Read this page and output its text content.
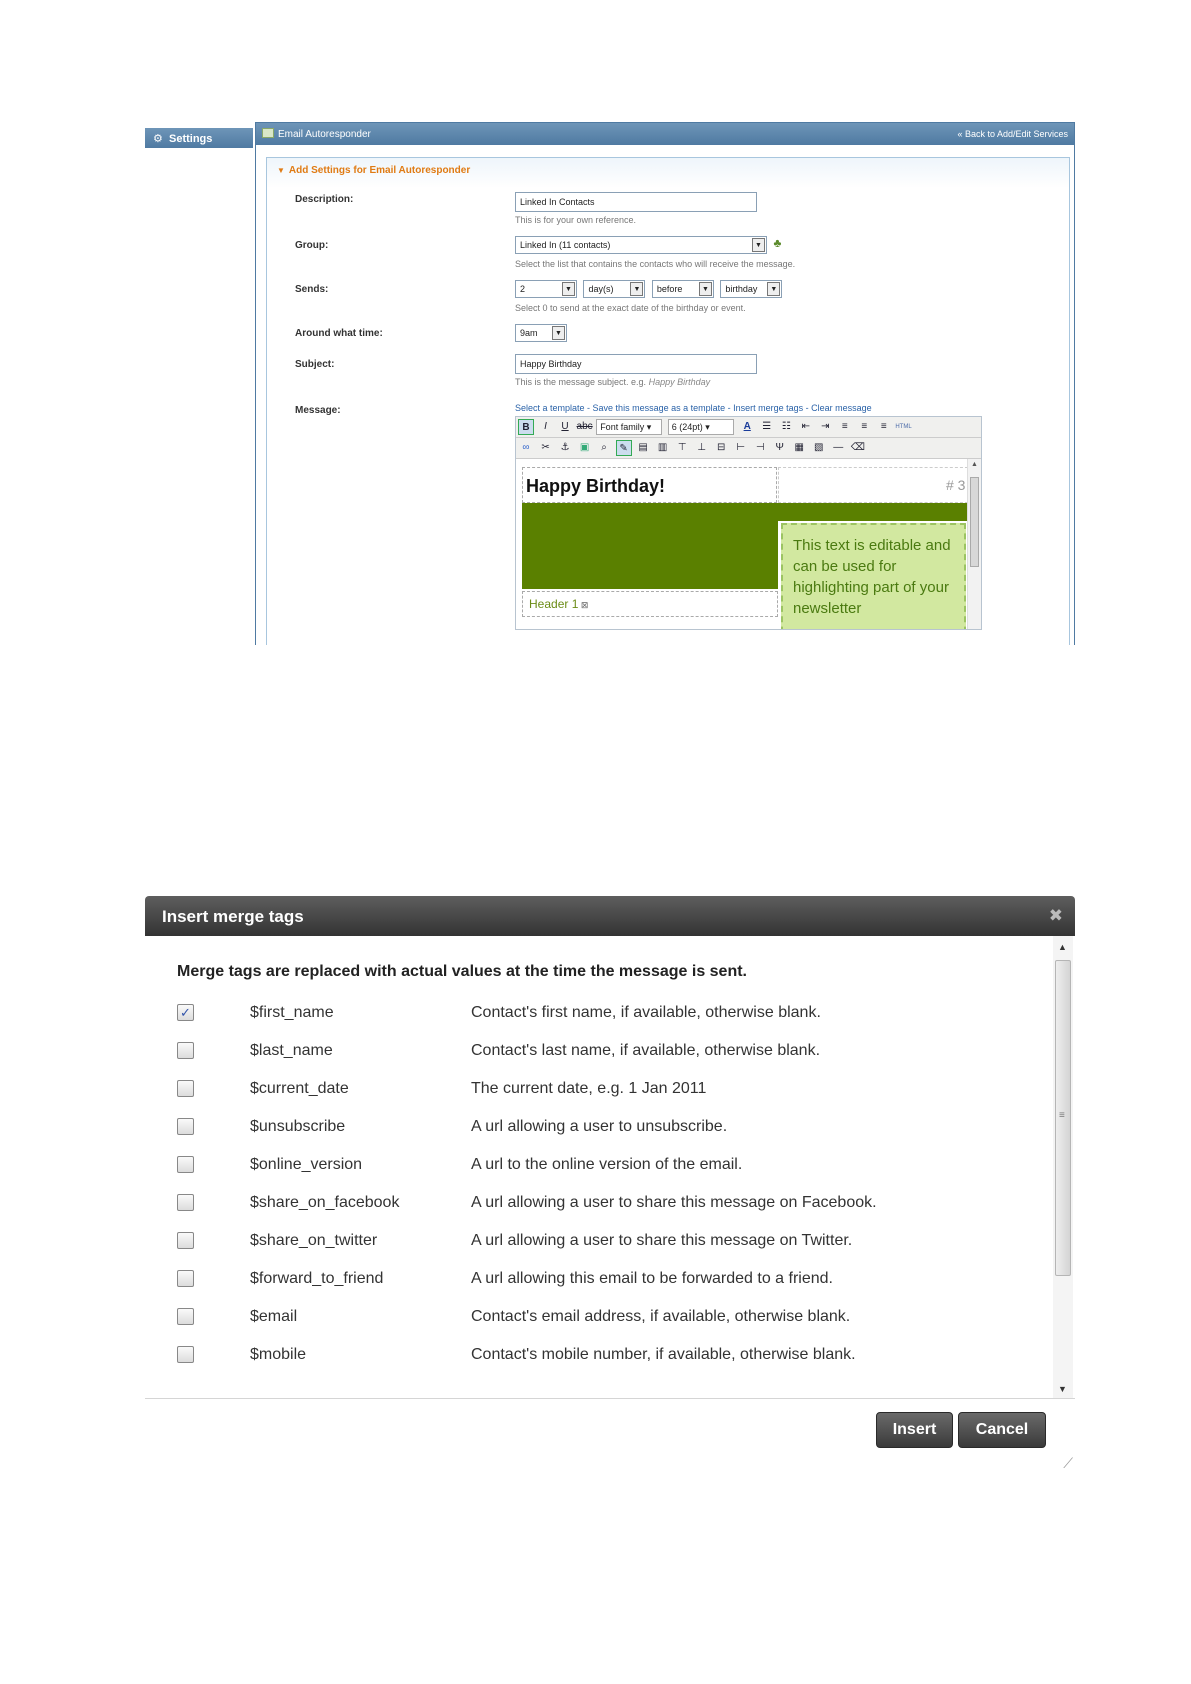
⚙ Settings	Email Autoresponder	« Back to Add/Edit Services
▼ Add Settings for Email Autoresponder
Description:	Linked In Contacts
This is for your own reference.
Group:	Linked In (11 contacts)	▼ ♣
Select the list that contains the contacts who will receive the message.
Sends:	2	▼	day(s)	▼	before	▼	birthday	▼
Select 0 to send at the exact date of the birthday or event.
Around what time:	9am	▼
Subject:	Happy Birthday
This is the message subject. e.g. Happy Birthday
Message:	Select a template - Save this message as a template - Insert merge tags - Clear message
B I U abc Font family ▾ 6 (24pt) ▾	A ☰ ☷ ⇤ ⇥ ≡ ≡ ≡ HTML
∞ ✂ ⚓ ▣ ⌕ ✎ ▤ ▥ ⊤ ⊥ ⊟ ⊢ ⊣ Ψ ▦ ▧ — ⌫
Happy Birthday!	# 3
This text is editable and can be used for highlighting part of your newsletter
Header 1 ⊠
▲
Insert merge tags	✖
Merge tags are replaced with actual values at the time the message is sent.
✓	$first_name	Contact's first name, if available, otherwise blank.
$last_name	Contact's last name, if available, otherwise blank.
$current_date	The current date, e.g. 1 Jan 2011
$unsubscribe	A url allowing a user to unsubscribe.
$online_version	A url to the online version of the email.
$share_on_facebook	A url allowing a user to share this message on Facebook.
$share_on_twitter	A url allowing a user to share this message on Twitter.
$forward_to_friend	A url allowing this email to be forwarded to a friend.
$email	Contact's email address, if available, otherwise blank.
$mobile	Contact's mobile number, if available, otherwise blank.
▲
≡
▼
Insert	Cancel
⟋
